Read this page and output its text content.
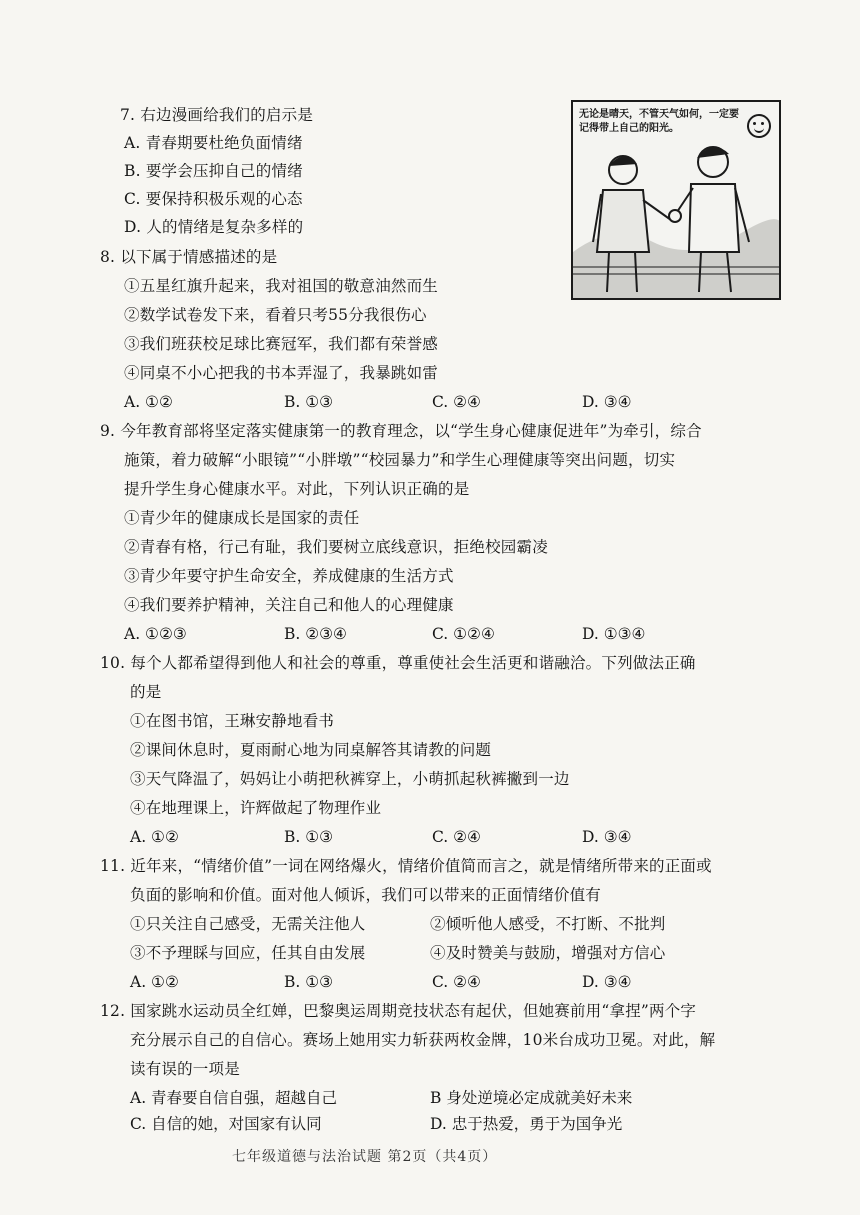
7. 右边漫画给我们的启示是
A. 青春期要杜绝负面情绪
B. 要学会压抑自己的情绪
C. 要保持积极乐观的心态
D. 人的情绪是复杂多样的
无论是晴天，不管天气如何，一定要记得带上自己的阳光。
8. 以下属于情感描述的是
①五星红旗升起来，我对祖国的敬意油然而生
②数学试卷发下来，看着只考55分我很伤心
③我们班获校足球比赛冠军，我们都有荣誉感
④同桌不小心把我的书本弄湿了，我暴跳如雷
A. ①②	B. ①③	C. ②④	D. ③④
9. 今年教育部将坚定落实健康第一的教育理念，以“学生身心健康促进年”为牵引，综合
施策，着力破解“小眼镜”“小胖墩”“校园暴力”和学生心理健康等突出问题，切实
提升学生身心健康水平。对此，下列认识正确的是
①青少年的健康成长是国家的责任
②青春有格，行己有耻，我们要树立底线意识，拒绝校园霸凌
③青少年要守护生命安全，养成健康的生活方式
④我们要养护精神，关注自己和他人的心理健康
A. ①②③	B. ②③④	C. ①②④	D. ①③④
10. 每个人都希望得到他人和社会的尊重，尊重使社会生活更和谐融洽。下列做法正确
的是
①在图书馆，王琳安静地看书
②课间休息时，夏雨耐心地为同桌解答其请教的问题
③天气降温了，妈妈让小萌把秋裤穿上，小萌抓起秋裤撇到一边
④在地理课上，许辉做起了物理作业
A. ①②	B. ①③	C. ②④	D. ③④
11. 近年来，“情绪价值”一词在网络爆火，情绪价值简而言之，就是情绪所带来的正面或
负面的影响和价值。面对他人倾诉，我们可以带来的正面情绪价值有
①只关注自己感受，无需关注他人	②倾听他人感受，不打断、不批判
③不予理睬与回应，任其自由发展	④及时赞美与鼓励，增强对方信心
A. ①②	B. ①③	C. ②④	D. ③④
12. 国家跳水运动员全红婵，巴黎奥运周期竞技状态有起伏，但她赛前用“拿捏”两个字
充分展示自己的自信心。赛场上她用实力斩获两枚金牌，10米台成功卫冕。对此，解
读有误的一项是
A. 青春要自信自强，超越自己	B 身处逆境必定成就美好未来
C. 自信的她，对国家有认同	D. 忠于热爱，勇于为国争光
七年级道德与法治试题 第2页（共4页）
